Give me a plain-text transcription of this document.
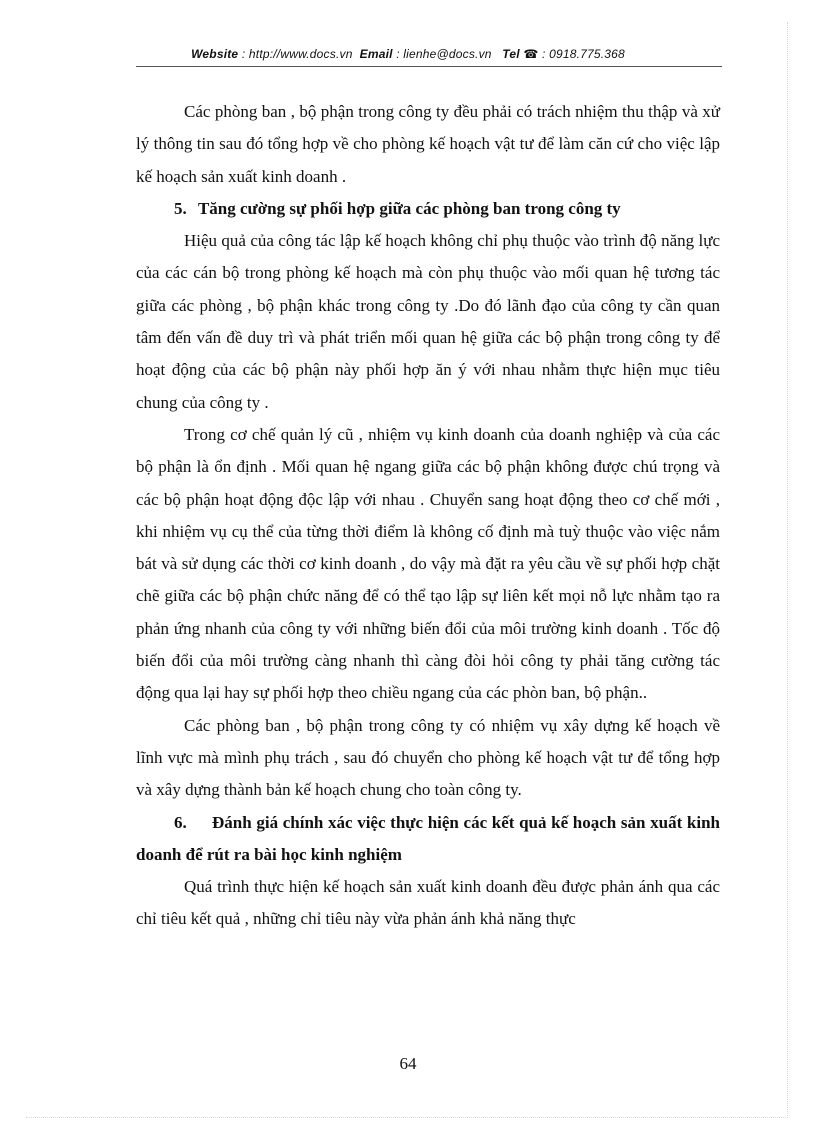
Website : http://www.docs.vn Email : lienhe@docs.vn Tel ☎ : 0918.775.368

Các phòng ban , bộ phận trong công ty đều phải có trách nhiệm thu thập và xử lý thông tin sau đó tổng hợp về cho phòng kế hoạch vật tư để làm căn cứ cho việc lập kế hoạch sản xuất kinh doanh .

5. Tăng cường sự phối hợp giữa các phòng ban trong công ty

Hiệu quả của công tác lập kế hoạch không chỉ phụ thuộc vào trình độ năng lực của các cán bộ trong phòng kế hoạch mà còn phụ thuộc vào mối quan hệ tương tác giữa các phòng , bộ phận khác trong công ty .Do đó lãnh đạo của công ty cần quan tâm đến vấn đề duy trì và phát triển mối quan hệ giữa các bộ phận trong công ty để hoạt động của các bộ phận này phối hợp ăn ý với nhau nhằm thực hiện mục tiêu chung của công ty .

Trong cơ chế quản lý cũ , nhiệm vụ kinh doanh của doanh nghiệp và của các bộ phận là ổn định . Mối quan hệ ngang giữa các bộ phận không được chú trọng và các bộ phận hoạt động độc lập với nhau . Chuyển sang hoạt động theo cơ chế mới , khi nhiệm vụ cụ thể của từng thời điểm là không cố định mà tuỳ thuộc vào việc nắm bát và sử dụng các thời cơ kinh doanh , do vậy mà đặt ra yêu cầu về sự phối hợp chặt chẽ giữa các bộ phận chức năng để có thể tạo lập sự liên kết mọi nỗ lực nhằm tạo ra phản ứng nhanh của công ty với những biến đổi của môi trường kinh doanh . Tốc độ biến đổi của môi trường càng nhanh thì càng đòi hỏi công ty phải tăng cường tác động qua lại hay sự phối hợp theo chiều ngang của các phòn ban, bộ phận..

Các phòng ban , bộ phận trong công ty có nhiệm vụ xây dựng kế hoạch về lĩnh vực mà mình phụ trách , sau đó chuyển cho phòng kế hoạch vật tư để tổng hợp và xây dựng thành bản kế hoạch chung cho toàn công ty.

6. Đánh giá chính xác việc thực hiện các kết quả kế hoạch sản xuất kinh doanh để rút ra bài học kinh nghiệm

Quá trình thực hiện kế hoạch sản xuất kinh doanh đều được phản ánh qua các chỉ tiêu kết quả , những chỉ tiêu này vừa phản ánh khả năng thực

64
